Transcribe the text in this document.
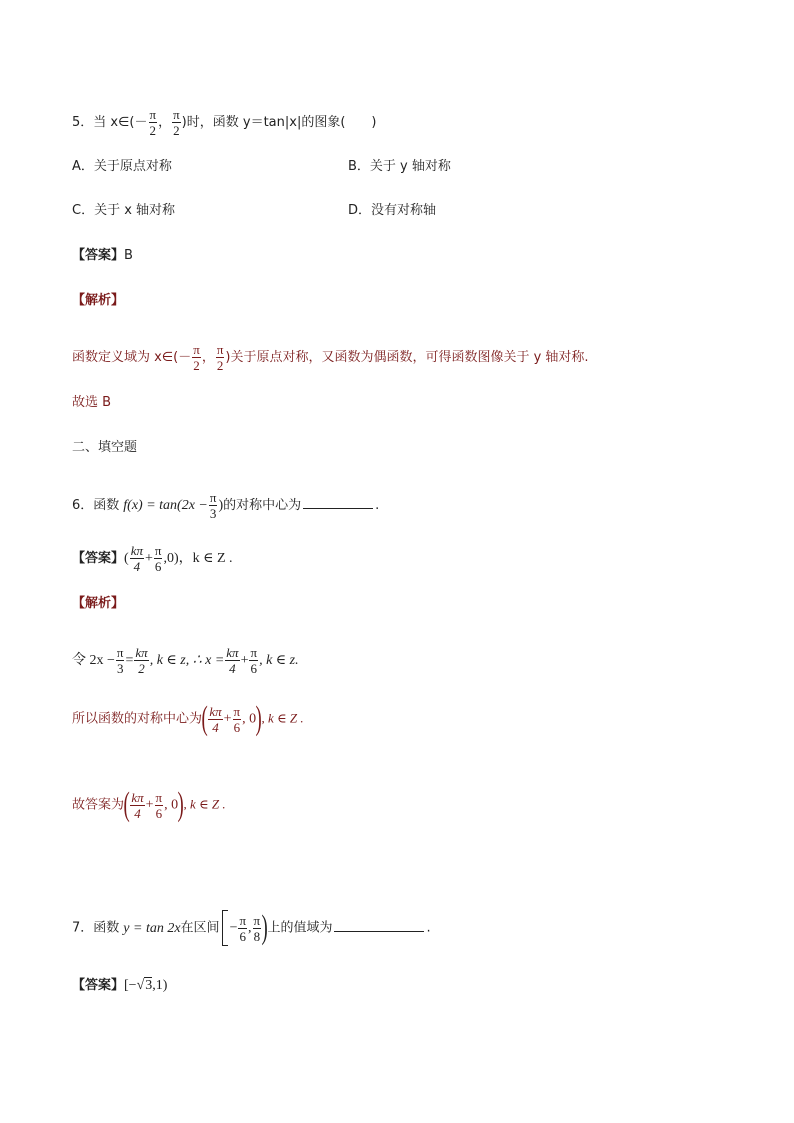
5．当 x∈(－ $\frac{\pi}{2}$ ， $\frac{\pi}{2}$ )时，函数 y＝tan|x|的图象(　　)
A．关于原点对称	B．关于 y 轴对称
C．关于 x 轴对称	D．没有对称轴
【答案】B
【解析】
函数定义域为 x∈(－ $\frac{\pi}{2}$ ， $\frac{\pi}{2}$ )关于原点对称，又函数为偶函数，可得函数图像关于 y 轴对称.
故选 B
二、填空题
6．函数 $f(x) = \tan(2x - \frac{\pi}{3}$ )的对称中心为	.
【答案】( $\frac{k\pi}{4} + \frac{\pi}{6} ,0$)，k ∈ Z .
【解析】
令 $2x - \frac{\pi}{3} = \frac{k\pi}{2}$ , k ∈ z, ∴ $x = \frac{k\pi}{4} + \frac{\pi}{6}$ , k ∈ z.
所以函数的对称中心为( $\frac{k\pi}{4} + \frac{\pi}{6}$ , 0), k ∈ Z .
故答案为( $\frac{k\pi}{4} + \frac{\pi}{6}$ , 0), k ∈ Z .
7．函数 y = tan 2x在区间 − $\frac{\pi}{6}$ , $\frac{\pi}{8}$ )上的值域为	.
【答案】[−√3,1)
